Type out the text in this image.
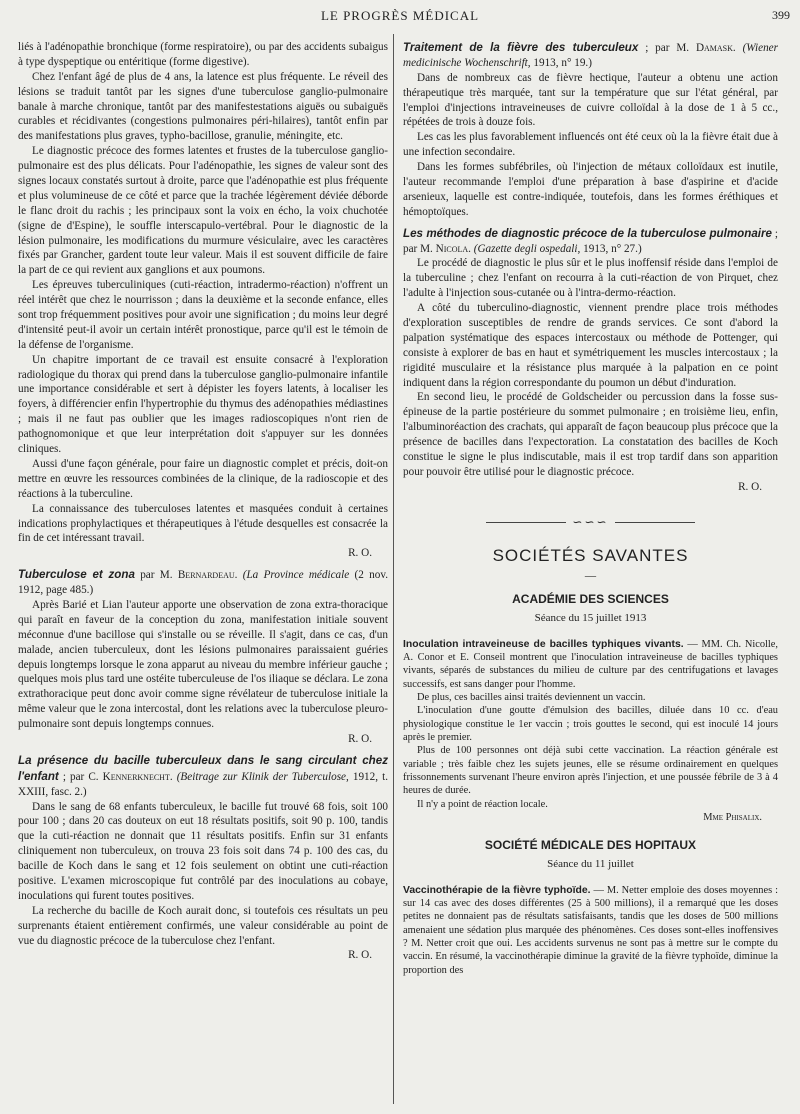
LE PROGRÈS MÉDICAL	399

liés à l'adénopathie bronchique (forme respiratoire), ou par des accidents subaigus à type dyspeptique ou entéritique (forme digestive).

Chez l'enfant âgé de plus de 4 ans, la latence est plus fréquente. Le réveil des lésions se traduit tantôt par les signes d'une tuberculose ganglio-pulmonaire banale à marche chronique, tantôt par des manifestestations aiguës ou subaiguës curables et récidivantes (congestions pulmonaires péri-hilaires), tantôt enfin par des manifestations plus graves, typho-bacillose, granulie, méningite, etc.

Le diagnostic précoce des formes latentes et frustes de la tuberculose ganglio-pulmonaire est des plus délicats. Pour l'adénopathie, les signes de valeur sont des signes locaux constatés surtout à droite, parce que l'adénopathie est plus fréquente et plus volumineuse de ce côté et parce que la trachée légèrement déviée déborde le flanc droit du rachis ; les principaux sont la voix en écho, la voix chuchotée (signe de d'Espine), le souffle interscapulo-vertébral. Pour le diagnostic de la lésion pulmonaire, les modifications du murmure vésiculaire, avec les caractères fixés par Grancher, gardent toute leur valeur. Mais il est souvent difficile de faire la part de ce qui revient aux ganglions et aux poumons.

Les épreuves tuberculiniques (cuti-réaction, intradermo-réaction) n'offrent un réel intérêt que chez le nourrisson ; dans la deuxième et la seconde enfance, elles sont trop fréquemment positives pour avoir une signification ; du moins leur degré d'intensité peut-il avoir un certain intérêt pronostique, parce qu'il est le témoin de la défense de l'organisme.

Un chapitre important de ce travail est ensuite consacré à l'exploration radiologique du thorax qui prend dans la tuberculose ganglio-pulmonaire infantile une importance considérable et sert à dépister les foyers latents, à localiser les foyers, à différencier enfin l'hypertrophie du thymus des adénopathies médiastines ; mais il ne faut pas oublier que les images radioscopiques n'ont rien de pathognomonique et que leur interprétation doit s'appuyer sur les données cliniques.

Aussi d'une façon générale, pour faire un diagnostic complet et précis, doit-on mettre en œuvre les ressources combinées de la clinique, de la radioscopie et des réactions à la tuberculine.

La connaissance des tuberculoses latentes et masquées conduit à certaines indications prophylactiques et thérapeutiques à l'étude desquelles est consacrée la fin de cet intéressant travail.

R. O.

Tuberculose et zona par M. Bernardeau. (La Province médicale (2 nov. 1912, page 485.)

Après Barié et Lian l'auteur apporte une observation de zona extra-thoracique qui paraît en faveur de la conception du zona, manifestation initiale souvent méconnue d'une bacillose qui s'installe ou se réveille. Il s'agit, dans ce cas, d'un malade, ancien tuberculeux, dont les lésions pulmonaires paraissaient guéries depuis longtemps lorsque le zona apparut au niveau du membre inférieur gauche ; quelques mois plus tard une ostéite tuberculeuse de l'os iliaque se déclara. Le zona extrathoracique peut donc avoir comme signe révélateur de tuberculose initiale la même valeur que le zona intercostal, dont les relations avec la tuberculose pleuro-pulmonaire sont depuis longtemps connues.

R. O.

La présence du bacille tuberculeux dans le sang circulant chez l'enfant ; par C. Kennerknecht. (Beitrage zur Klinik der Tuberculose, 1912, t. XXIII, fasc. 2.)

Dans le sang de 68 enfants tuberculeux, le bacille fut trouvé 68 fois, soit 100 pour 100 ; dans 20 cas douteux on eut 18 résultats positifs, soit 90 p. 100, tandis que la cuti-réaction ne donnait que 11 résultats positifs. Enfin sur 31 enfants cliniquement non tuberculeux, on trouva 23 fois soit dans 74 p. 100 des cas, du bacille de Koch dans le sang et 12 fois seulement on obtint une cuti-réaction positive. L'examen microscopique fut contrôlé par des inoculations au cobaye, inoculations qui furent toutes positives.

La recherche du bacille de Koch aurait donc, si toutefois ces résultats un peu surprenants étaient entièrement confirmés, une valeur considérable au point de vue du diagnostic précoce de la tuberculose chez l'enfant.

R. O.

Traitement de la fièvre des tuberculeux ; par M. Damask. (Wiener medicinische Wochenschrift, 1913, n° 19.)

Dans de nombreux cas de fièvre hectique, l'auteur a obtenu une action thérapeutique très marquée, tant sur la température que sur l'état général, par l'emploi d'injections intraveineuses de cuivre colloïdal à la dose de 1 à 5 cc., répétées de trois à douze fois.

Les cas les plus favorablement influencés ont été ceux où la la fièvre était due à une infection secondaire.

Dans les formes subfébriles, où l'injection de métaux colloïdaux est inutile, l'auteur recommande l'emploi d'une préparation à base d'aspirine et d'acide arsenieux, laquelle est contre-indiquée, toutefois, dans les formes éréthiques et hémoptoïques.

Les méthodes de diagnostic précoce de la tuberculose pulmonaire ; par M. Nicola. (Gazette degli ospedali, 1913, n° 27.)

Le procédé de diagnostic le plus sûr et le plus inoffensif réside dans l'emploi de la tuberculine ; chez l'enfant on recourra à la cuti-réaction de von Pirquet, chez l'adulte à l'injection sous-cutanée ou à l'intra-dermo-réaction.

A côté du tuberculino-diagnostic, viennent prendre place trois méthodes d'exploration susceptibles de rendre de grands services. Ce sont d'abord la palpation systématique des espaces intercostaux ou méthode de Pottenger, qui consiste à explorer de bas en haut et symétriquement les muscles intercostaux ; la rigidité musculaire et la résistance plus marquée à la palpation en ce point indiquent dans la région correspondante du poumon un début d'induration.

En second lieu, le procédé de Goldscheider ou percussion dans la fosse sus-épineuse de la partie postérieure du sommet pulmonaire ; en troisième lieu, enfin, l'albuminoréaction des crachats, qui apparaît de façon beaucoup plus précoce que la présence de bacilles dans l'expectoration. La constatation des bacilles de Koch constitue le signe le plus indiscutable, mais il est trop tardif dans son apparition pour pouvoir être utilisé pour le diagnostic précoce.

R. O.

∽∽∽
SOCIÉTÉS SAVANTES
—
ACADÉMIE DES SCIENCES
Séance du 15 juillet 1913

Inoculation intraveineuse de bacilles typhiques vivants. — MM. Ch. Nicolle, A. Conor et E. Conseil montrent que l'inoculation intraveineuse de bacilles typhiques vivants, séparés de substances du milieu de culture par des centrifugations et lavages successifs, est sans danger pour l'homme.

De plus, ces bacilles ainsi traités deviennent un vaccin.

L'inoculation d'une goutte d'émulsion des bacilles, diluée dans 10 cc. d'eau physiologique constitue le 1er vaccin ; trois gouttes le second, qui est inoculé 14 jours après le premier.

Plus de 100 personnes ont déjà subi cette vaccination. La réaction générale est variable ; très faible chez les sujets jeunes, elle se résume ordinairement en quelques frissonnements survenant l'heure environ après l'injection, et une poussée fébrile de 3 à 4 heures de durée.

Il n'y a point de réaction locale.

Mme Phisalix.

SOCIÉTÉ MÉDICALE DES HOPITAUX
Séance du 11 juillet

Vaccinothérapie de la fièvre typhoïde. — M. Netter emploie des doses moyennes : sur 14 cas avec des doses différentes (25 à 500 millions), il a remarqué que les doses petites ne donnaient pas de résultats satisfaisants, tandis que les doses de 500 millions amenaient une sédation plus marquée des phénomènes. Ces doses sont-elles inoffensives ? M. Netter croit que oui. Les accidents survenus ne sont pas à mettre sur le compte du vaccin. En résumé, la vaccinothérapie diminue la gravité de la fièvre typhoïde, diminue la proportion des
